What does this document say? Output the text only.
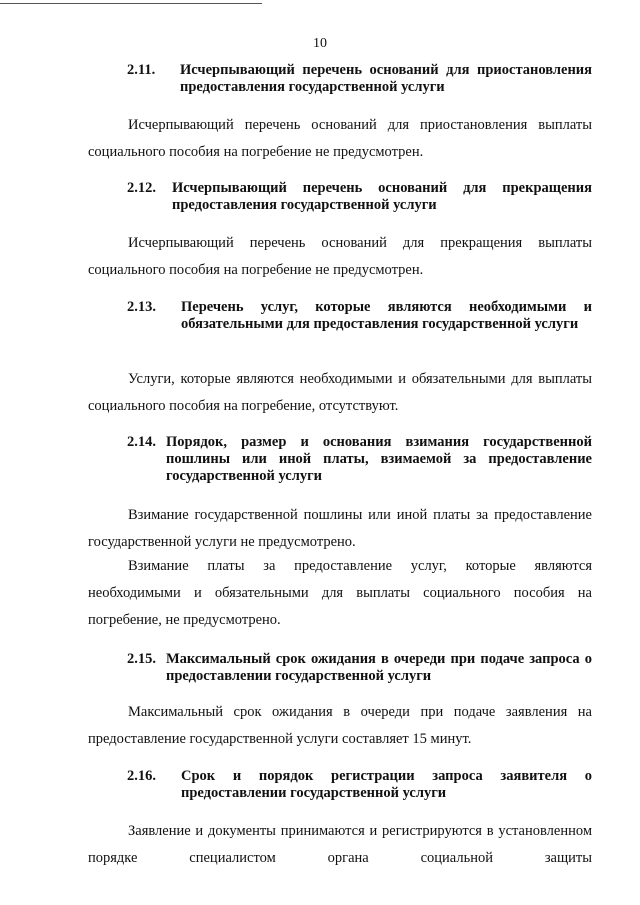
10
2.11. Исчерпывающий перечень оснований для приостановления предоставления государственной услуги

Исчерпывающий перечень оснований для приостановления выплаты социального пособия на погребение не предусмотрен.

2.12. Исчерпывающий перечень оснований для прекращения предоставления государственной услуги

Исчерпывающий перечень оснований для прекращения выплаты социального пособия на погребение не предусмотрен.

2.13. Перечень услуг, которые являются необходимыми и обязательными для предоставления государственной услуги

Услуги, которые являются необходимыми и обязательными для выплаты социального пособия на погребение, отсутствуют.

2.14. Порядок, размер и основания взимания государственной пошлины или иной платы, взимаемой за предоставление государственной услуги

Взимание государственной пошлины или иной платы за предоставление государственной услуги не предусмотрено.

Взимание платы за предоставление услуг, которые являются необходимыми и обязательными для выплаты социального пособия на погребение, не предусмотрено.

2.15. Максимальный срок ожидания в очереди при подаче запроса о предоставлении государственной услуги

Максимальный срок ожидания в очереди при подаче заявления на предоставление государственной услуги составляет 15 минут.

2.16. Срок и порядок регистрации запроса заявителя о предоставлении государственной услуги

Заявление и документы принимаются и регистрируются в установленном порядке специалистом органа социальной защиты
